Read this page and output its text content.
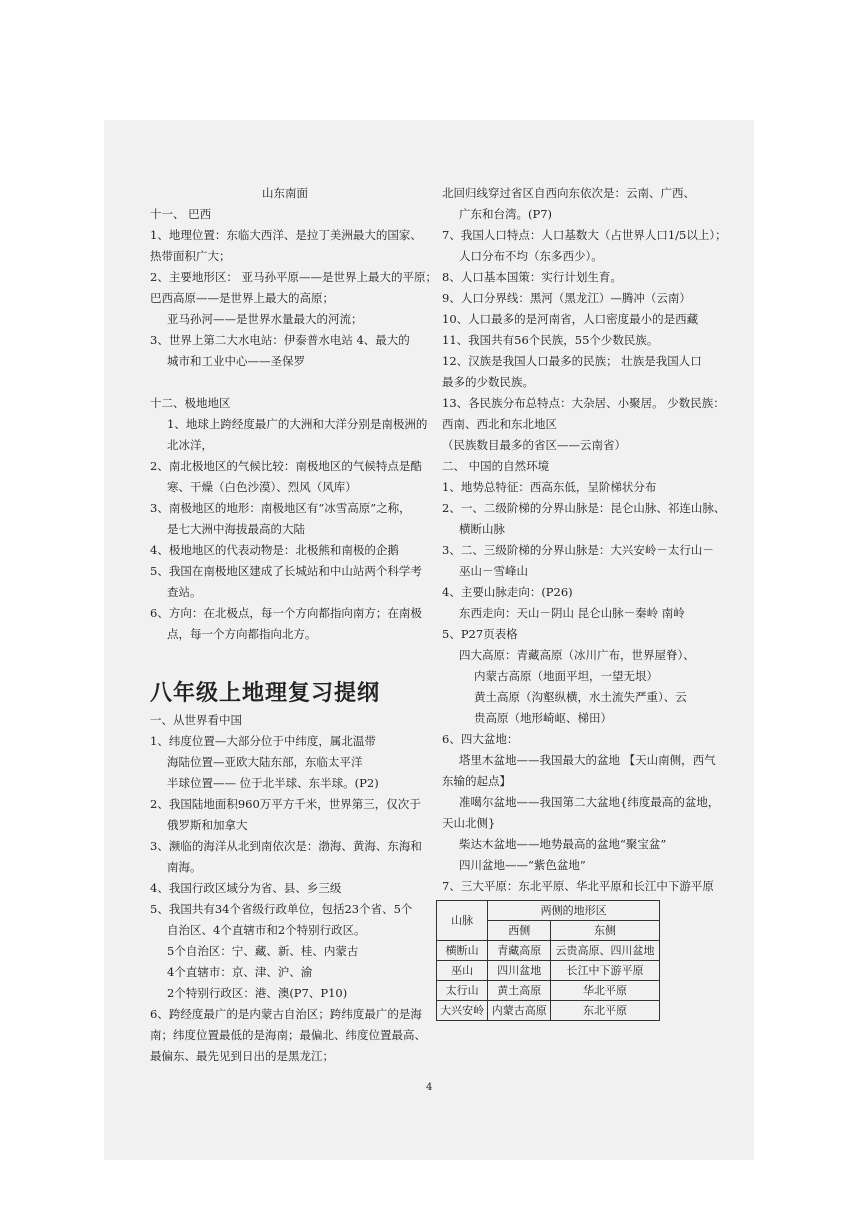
山东南面
十一、 巴西
1、地理位置：东临大西洋、是拉丁美洲最大的国家、
热带面积广大；
2、主要地形区： 亚马孙平原——是世界上最大的平原；
巴西高原——是世界上最大的高原；
亚马孙河——是世界水量最大的河流；
3、世界上第二大水电站：伊泰普水电站 4、最大的
城市和工业中心——圣保罗
十二、极地地区
1、地球上跨经度最广的大洲和大洋分别是南极洲的
北冰洋，
2、南北极地区的气候比较：南极地区的气候特点是酷
寒、干燥（白色沙漠）、烈风（风库）
3、南极地区的地形：南极地区有“冰雪高原”之称，
是七大洲中海拔最高的大陆
4、极地地区的代表动物是：北极熊和南极的企鹅
5、我国在南极地区建成了长城站和中山站两个科学考
查站。
6、方向：在北极点，每一个方向都指向南方；在南极
点，每一个方向都指向北方。
八年级上地理复习提纲
一、从世界看中国
1、纬度位置—大部分位于中纬度，属北温带
海陆位置—亚欧大陆东部，东临太平洋
半球位置—— 位于北半球、东半球。(P2)
2、我国陆地面积960万平方千米，世界第三，仅次于
俄罗斯和加拿大
3、濒临的海洋从北到南依次是：渤海、黄海、东海和
南海。
4、我国行政区域分为省、县、乡三级
5、我国共有34个省级行政单位，包括23个省、5个
自治区、4个直辖市和2个特别行政区。
5个自治区：宁、藏、新、桂、内蒙古
4个直辖市：京、津、沪、渝
2个特别行政区：港、澳(P7、P10)
6、跨经度最广的是内蒙古自治区；跨纬度最广的是海
南；纬度位置最低的是海南；最偏北、纬度位置最高、
最偏东、最先见到日出的是黑龙江；
北回归线穿过省区自西向东依次是：云南、广西、
广东和台湾。(P7)
7、我国人口特点：人口基数大（占世界人口1/5以上）；
人口分布不均（东多西少）。
8、人口基本国策：实行计划生育。
9、人口分界线：黑河（黑龙江）—腾冲（云南）
10、人口最多的是河南省，人口密度最小的是西藏
11、我国共有56个民族，55个少数民族。
12、汉族是我国人口最多的民族； 壮族是我国人口
最多的少数民族。
13、各民族分布总特点：大杂居、小聚居。 少数民族：
西南、西北和东北地区
（民族数目最多的省区——云南省）
二、 中国的自然环境
1、地势总特征：西高东低，呈阶梯状分布
2、一、二级阶梯的分界山脉是：昆仑山脉、祁连山脉、
横断山脉
3、二、三级阶梯的分界山脉是：大兴安岭－太行山－
巫山－雪峰山
4、主要山脉走向：(P26)
东西走向：天山－阴山 昆仑山脉－秦岭 南岭
5、P27页表格
四大高原：青藏高原（冰川广布，世界屋脊）、
内蒙古高原（地面平坦，一望无垠）
黄土高原（沟壑纵横，水土流失严重）、云
贵高原（地形崎岖、梯田）
6、四大盆地：
塔里木盆地——我国最大的盆地 【天山南侧，西气
东输的起点】
准噶尔盆地——我国第二大盆地{纬度最高的盆地，
天山北侧}
柴达木盆地——地势最高的盆地“聚宝盆”
四川盆地——“紫色盆地”
7、三大平原：东北平原、华北平原和长江中下游平原
山脉	两侧的地形区	
	西侧	东侧
横断山	青藏高原	云贵高原、四川盆地
巫山	四川盆地	长江中下游平原
太行山	黄土高原	华北平原
大兴安岭	内蒙古高原	东北平原
4
